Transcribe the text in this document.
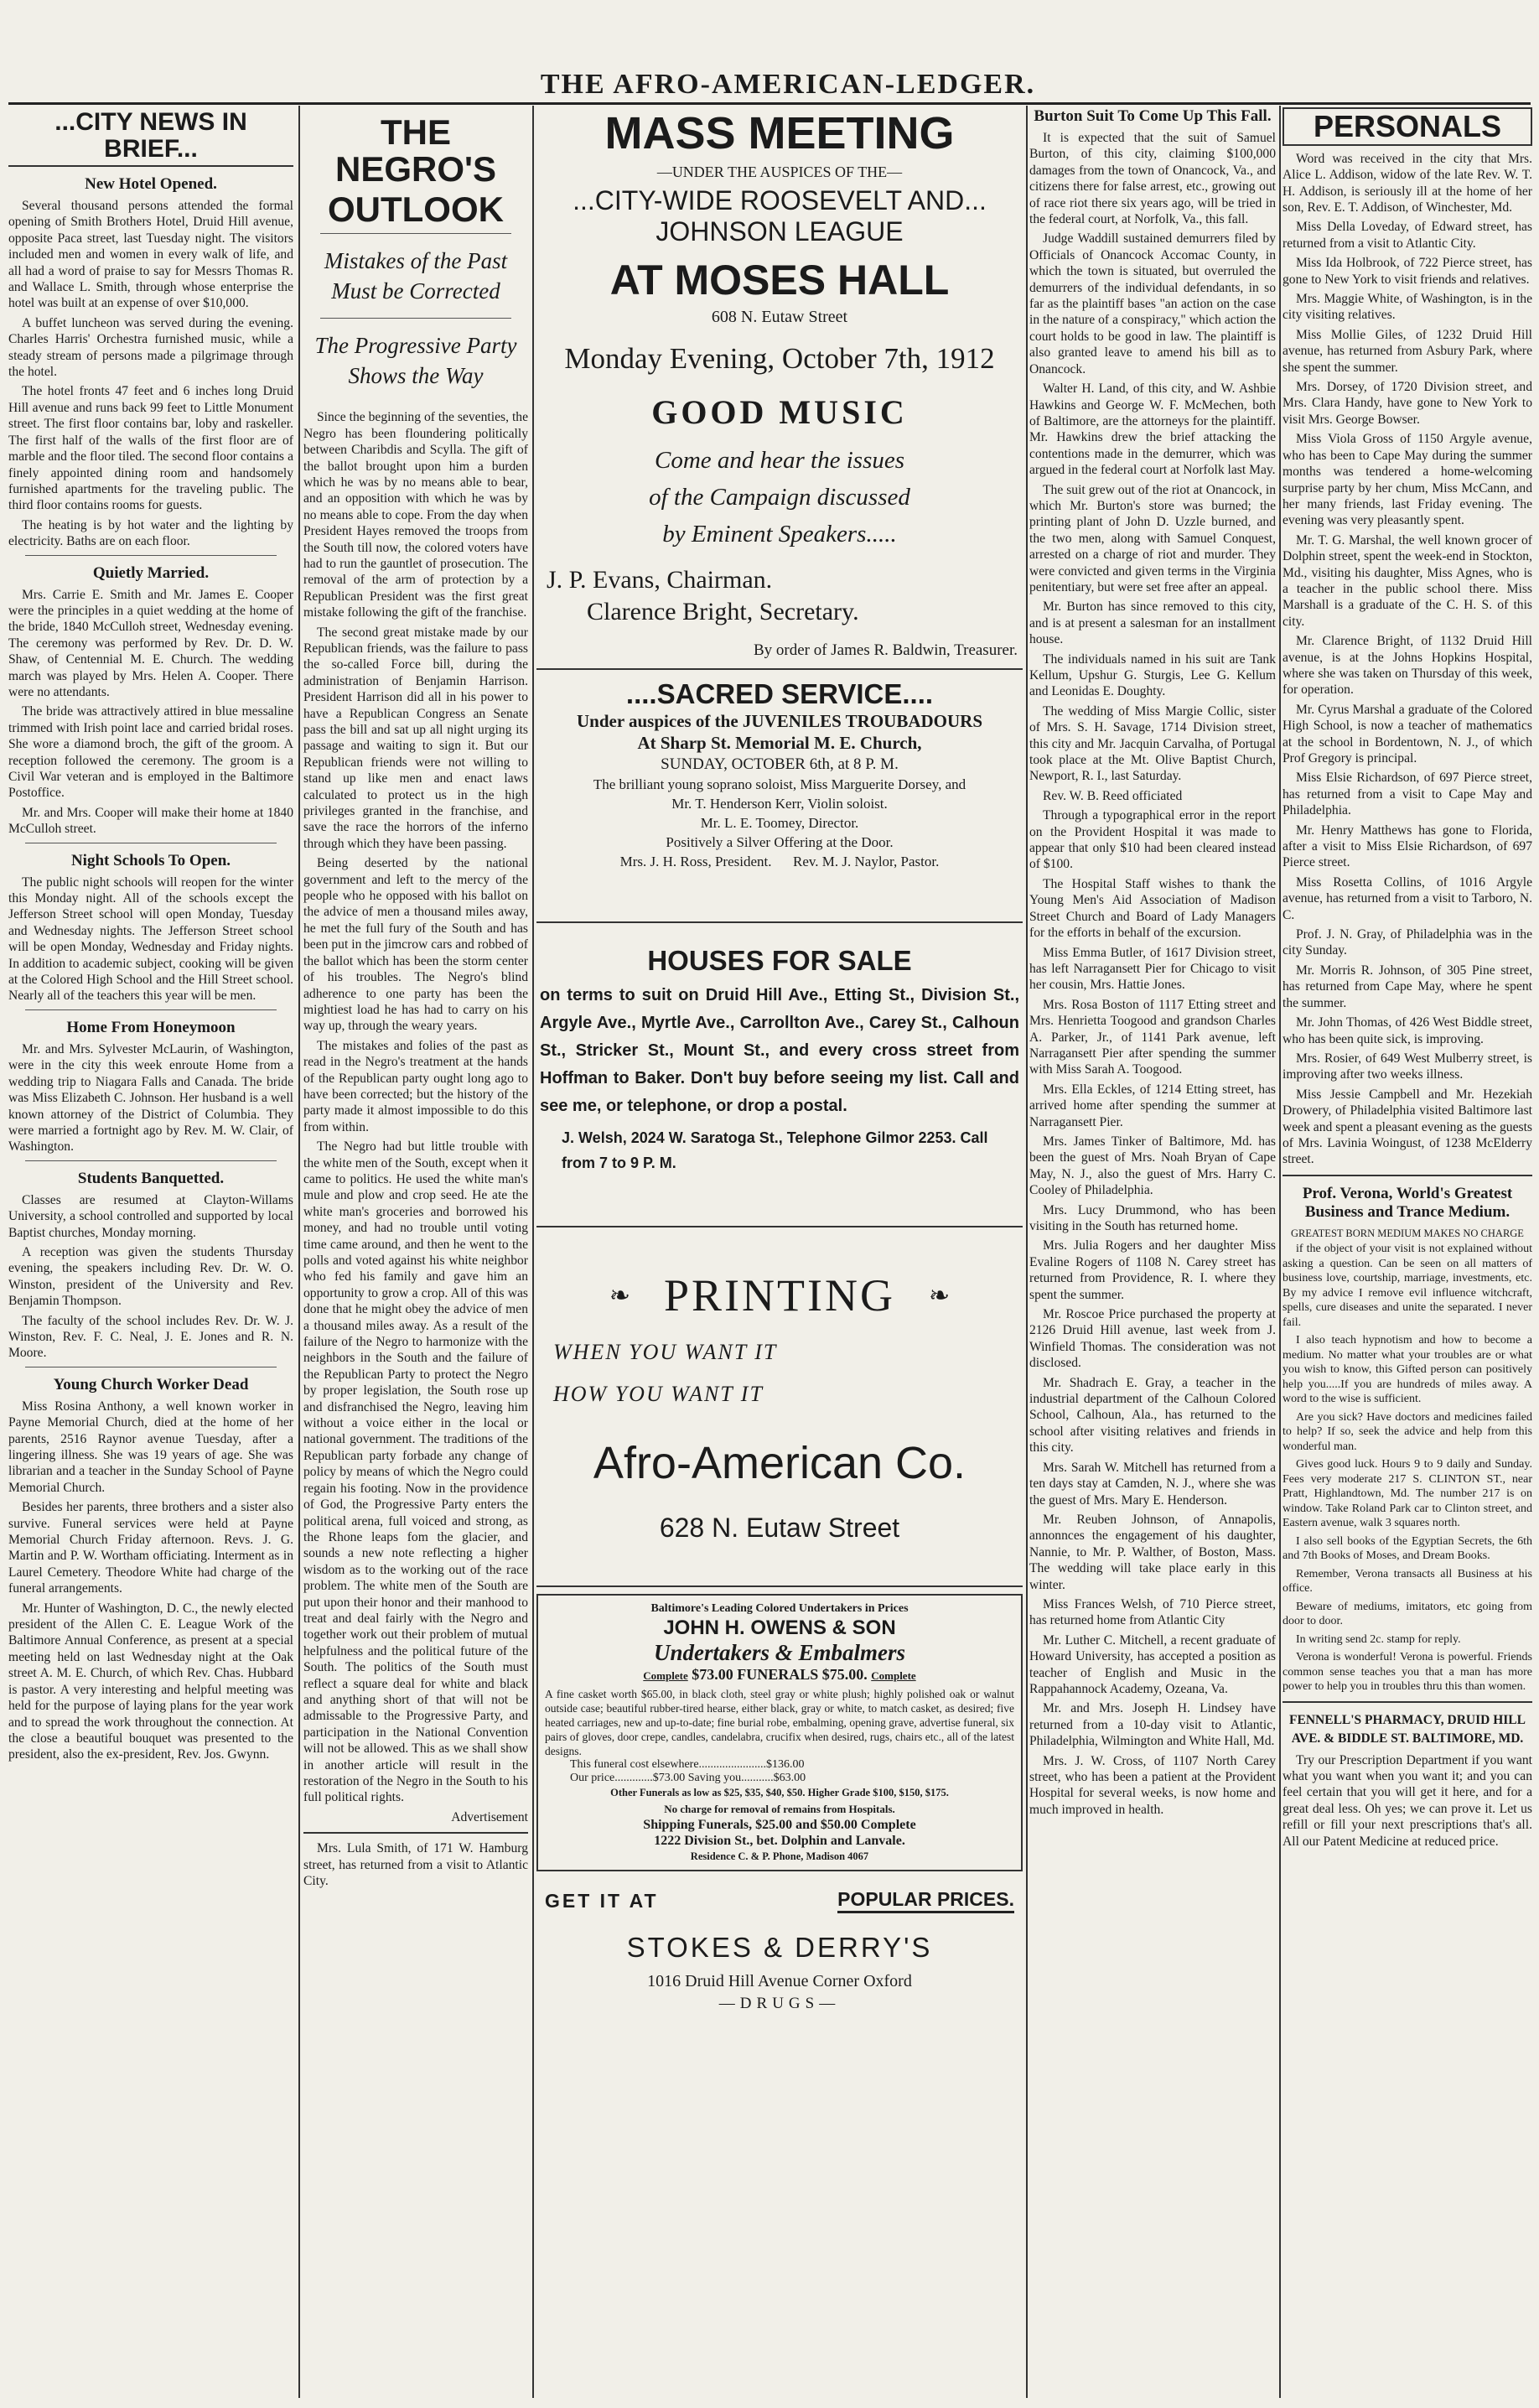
THE AFRO-AMERICAN-LEDGER.
...CITY NEWS IN BRIEF...
New Hotel Opened.

Several thousand persons attended the formal opening of Smith Brothers Hotel, Druid Hill avenue, opposite Paca street, last Tuesday night. The visitors included men and women in every walk of life, and all had a word of praise to say for Messrs Thomas R. and Wallace L. Smith, through whose enterprise the hotel was built at an expense of over $10,000.

A buffet luncheon was served during the evening. Charles Harris' Orchestra furnished music, while a steady stream of persons made a pilgrimage through the hotel.

The hotel fronts 47 feet and 6 inches long Druid Hill avenue and runs back 99 feet to Little Monument street. The first floor contains bar, loby and raskeller. The first half of the walls of the first floor are of marble and the floor tiled. The second floor contains a finely appointed dining room and handsomely furnished apartments for the traveling public. The third floor contains rooms for guests.

The heating is by hot water and the lighting by electricity. Baths are on each floor.

Quietly Married.

Mrs. Carrie E. Smith and Mr. James E. Cooper were the principles in a quiet wedding at the home of the bride, 1840 McCulloh street, Wednesday evening. The ceremony was performed by Rev. Dr. D. W. Shaw, of Centennial M. E. Church. The wedding march was played by Mrs. Helen A. Cooper. There were no attendants.

The bride was attractively attired in blue messaline trimmed with Irish point lace and carried bridal roses. She wore a diamond broch, the gift of the groom. A reception followed the ceremony. The groom is a Civil War veteran and is employed in the Baltimore Postoffice.

Mr. and Mrs. Cooper will make their home at 1840 McCulloh street.

Night Schools To Open.

The public night schools will reopen for the winter this Monday night. All of the schools except the Jefferson Street school will open Monday, Tuesday and Wednesday nights. The Jefferson Street school will be open Monday, Wednesday and Friday nights. In addition to academic subject, cooking will be given at the Colored High School and the Hill Street school. Nearly all of the teachers this year will be men.

Home From Honeymoon

Mr. and Mrs. Sylvester McLaurin, of Washington, were in the city this week enroute Home from a wedding trip to Niagara Falls and Canada. The bride was Miss Elizabeth C. Johnson. Her husband is a well known attorney of the District of Columbia. They were married a fortnight ago by Rev. M. W. Clair, of Washington.

Students Banquetted.

Classes are resumed at Clayton-Willams University, a school controlled and supported by local Baptist churches, Monday morning.

A reception was given the students Thursday evening, the speakers including Rev. Dr. W. O. Winston, president of the University and Rev. Benjamin Thompson.

The faculty of the school includes Rev. Dr. W. J. Winston, Rev. F. C. Neal, J. E. Jones and R. N. Moore.

Young Church Worker Dead

Miss Rosina Anthony, a well known worker in Payne Memorial Church, died at the home of her parents, 2516 Raynor avenue Tuesday, after a lingering illness. She was 19 years of age. She was librarian and a teacher in the Sunday School of Payne Memorial Church.

Besides her parents, three brothers and a sister also survive. Funeral services were held at Payne Memorial Church Friday afternoon. Revs. J. G. Martin and P. W. Wortham officiating. Interment as in Laurel Cemetery. Theodore White had charge of the funeral arrangements.

Mr. Hunter of Washington, D. C., the newly elected president of the Allen C. E. League Work of the Baltimore Annual Conference, as present at a special meeting held on last Wednesday night at the Oak street A. M. E. Church, of which Rev. Chas. Hubbard is pastor. A very interesting and helpful meeting was held for the purpose of laying plans for the year work and to spread the work throughout the connection. At the close a beautiful bouquet was presented to the president, also the ex-president, Rev. Jos. Gwynn.

THE NEGRO'S
OUTLOOK
Mistakes of the Past Must be Corrected
The Progressive Party Shows the Way

Since the beginning of the seventies, the Negro has been floundering politically between Charibdis and Scylla. The gift of the ballot brought upon him a burden which he was by no means able to bear, and an opposition with which he was by no means able to cope. From the day when President Hayes removed the troops from the South till now, the colored voters have had to run the gauntlet of prosecution. The removal of the arm of protection by a Republican President was the first great mistake following the gift of the franchise.

The second great mistake made by our Republican friends, was the failure to pass the so-called Force bill, during the administration of Benjamin Harrison. President Harrison did all in his power to have a Republican Congress an Senate pass the bill and sat up all night urging its passage and waiting to sign it. But our Republican friends were not willing to stand up like men and enact laws calculated to protect us in the high privileges granted in the franchise, and save the race the horrors of the inferno through which they have been passing.

Being deserted by the national government and left to the mercy of the people who he opposed with his ballot on the advice of men a thousand miles away, he met the full fury of the South and has been put in the jimcrow cars and robbed of the ballot which has been the storm center of his troubles. The Negro's blind adherence to one party has been the mightiest load he has had to carry on his way up, through the weary years.

The mistakes and folies of the past as read in the Negro's treatment at the hands of the Republican party ought long ago to have been corrected; but the history of the party made it almost impossible to do this from within.

The Negro had but little trouble with the white men of the South, except when it came to politics. He used the white man's mule and plow and crop seed. He ate the white man's groceries and borrowed his money, and had no trouble until voting time came around, and then he went to the polls and voted against his white neighbor who fed his family and gave him an opportunity to grow a crop. All of this was done that he might obey the advice of men a thousand miles away. As a result of the failure of the Negro to harmonize with the neighbors in the South and the failure of the Republican Party to protect the Negro by proper legislation, the South rose up and disfranchised the Negro, leaving him without a voice either in the local or national government. The traditions of the Republican party forbade any change of policy by means of which the Negro could regain his footing. Now in the providence of God, the Progressive Party enters the political arena, full voiced and strong, as the Rhone leaps fom the glacier, and sounds a new note reflecting a higher wisdom as to the working out of the race problem. The white men of the South are put upon their honor and their manhood to treat and deal fairly with the Negro and together work out their problem of mutual helpfulness and the political future of the South. The politics of the South must reflect a square deal for white and black and anything short of that will not be admissable to the Progressive Party, and participation in the National Convention will not be allowed. This as we shall show in another article will result in the restoration of the Negro in the South to his full political rights.

Advertisement

Mrs. Lula Smith, of 171 W. Hamburg street, has returned from a visit to Atlantic City.

MASS MEETING
—UNDER THE AUSPICES OF THE—
...CITY-WIDE ROOSEVELT AND...
JOHNSON LEAGUE
AT MOSES HALL
608 N. Eutaw Street
Monday Evening, October 7th, 1912
GOOD MUSIC
Come and hear the issues
of the Campaign discussed
by Eminent Speakers.....
J. P. Evans, Chairman.
Clarence Bright, Secretary.
By order of James R. Baldwin, Treasurer.
....SACRED SERVICE....
Under auspices of the JUVENILES TROUBADOURS
At Sharp St. Memorial M. E. Church,
SUNDAY, OCTOBER 6th, at 8 P. M.
The brilliant young soprano soloist, Miss Marguerite Dorsey, and
Mr. T. Henderson Kerr, Violin soloist.
Mr. L. E. Toomey, Director.
Positively a Silver Offering at the Door.
Mrs. J. H. Ross, President.      Rev. M. J. Naylor, Pastor.
HOUSES FOR SALE
on terms to suit on Druid Hill Ave., Etting St., Division St., Argyle Ave., Myrtle Ave., Carrollton Ave., Carey St., Calhoun St., Stricker St., Mount St., and every cross street from Hoffman to Baker. Don't buy before seeing my list. Call and see me, or telephone, or drop a postal.
J. Welsh, 2024 W. Saratoga St., Telephone Gilmor 2253. Call from 7 to 9 P. M.
❧ PRINTING ❧
WHEN YOU WANT IT
HOW YOU WANT IT
Afro-American Co.
628 N. Eutaw Street
Baltimore's Leading Colored Undertakers in Prices
JOHN H. OWENS & SON
Undertakers & Embalmers
Complete $73.00 FUNERALS $75.00. Complete
A fine casket worth $65.00, in black cloth, steel gray or white plush; highly polished oak or walnut outside case; beautiful rubber-tired hearse, either black, gray or white, to match casket, as desired; five heated carriages, new and up-to-date; fine burial robe, embalming, opening grave, advertise funeral, six pairs of gloves, door crepe, candles, candelabra, crucifix when desired, rugs, chairs etc., all of the latest designs.
This funeral cost elsewhere.......................$136.00
Our price.............$73.00 Saving you...........$63.00
Other Funerals as low as $25, $35, $40, $50. Higher Grade $100, $150, $175.
No charge for removal of remains from Hospitals.
Shipping Funerals, $25.00 and $50.00 Complete
1222 Division St., bet. Dolphin and Lanvale.
Residence C. & P. Phone, Madison 4067
GET IT AT	POPULAR PRICES.
STOKES & DERRY'S
1016 Druid Hill Avenue Corner Oxford
—DRUGS—
Burton Suit To Come Up This Fall.

It is expected that the suit of Samuel Burton, of this city, claiming $100,000 damages from the town of Onancock, Va., and citizens there for false arrest, etc., growing out of race riot there six years ago, will be tried in the federal court, at Norfolk, Va., this fall.

Judge Waddill sustained demurrers filed by Officials of Onancock Accomac County, in which the town is situated, but overruled the demurrers of the individual defendants, in so far as the plaintiff bases "an action on the case in the nature of a conspiracy," which action the court holds to be good in law. The plaintiff is also granted leave to amend his bill as to Onancock.

Walter H. Land, of this city, and W. Ashbie Hawkins and George W. F. McMechen, both of Baltimore, are the attorneys for the plaintiff. Mr. Hawkins drew the brief attacking the contentions made in the demurrer, which was argued in the federal court at Norfolk last May.

The suit grew out of the riot at Onancock, in which Mr. Burton's store was burned; the printing plant of John D. Uzzle burned, and the two men, along with Samuel Conquest, arrested on a charge of riot and murder. They were convicted and given terms in the Virginia penitentiary, but were set free after an appeal.

Mr. Burton has since removed to this city, and is at present a salesman for an installment house.

The individuals named in his suit are Tank Kellum, Upshur G. Sturgis, Lee G. Kellum and Leonidas E. Doughty.

The wedding of Miss Margie Collic, sister of Mrs. S. H. Savage, 1714 Division street, this city and Mr. Jacquin Carvalha, of Portugal took place at the Mt. Olive Baptist Church, Newport, R. I., last Saturday.

Rev. W. B. Reed officiated

Through a typographical error in the report on the Provident Hospital it was made to appear that only $10 had been cleared instead of $100.

The Hospital Staff wishes to thank the Young Men's Aid Association of Madison Street Church and Board of Lady Managers for the efforts in behalf of the excursion.

Miss Emma Butler, of 1617 Division street, has left Narragansett Pier for Chicago to visit her cousin, Mrs. Hattie Jones.

Mrs. Rosa Boston of 1117 Etting street and Mrs. Henrietta Toogood and grandson Charles A. Parker, Jr., of 1141 Park avenue, left Narragansett Pier after spending the summer with Miss Sarah A. Toogood.

Mrs. Ella Eckles, of 1214 Etting street, has arrived home after spending the summer at Narragansett Pier.

Mrs. James Tinker of Baltimore, Md. has been the guest of Mrs. Noah Bryan of Cape May, N. J., also the guest of Mrs. Harry C. Cooley of Philadelphia.

Mrs. Lucy Drummond, who has been visiting in the South has returned home.

Mrs. Julia Rogers and her daughter Miss Evaline Rogers of 1108 N. Carey street has returned from Providence, R. I. where they spent the summer.

Mr. Roscoe Price purchased the property at 2126 Druid Hill avenue, last week from J. Winfield Thomas. The consideration was not disclosed.

Mr. Shadrach E. Gray, a teacher in the industrial department of the Calhoun Colored School, Calhoun, Ala., has returned to the school after visiting relatives and friends in this city.

Mrs. Sarah W. Mitchell has returned from a ten days stay at Camden, N. J., where she was the guest of Mrs. Mary E. Henderson.

Mr. Reuben Johnson, of Annapolis, annonnces the engagement of his daughter, Nannie, to Mr. P. Walther, of Boston, Mass. The wedding will take place early in this winter.

Miss Frances Welsh, of 710 Pierce street, has returned home from Atlantic City

Mr. Luther C. Mitchell, a recent graduate of Howard University, has accepted a position as teacher of English and Music in the Rappahannock Academy, Ozeana, Va.

Mr. and Mrs. Joseph H. Lindsey have returned from a 10-day visit to Atlantic, Philadelphia, Wilmington and White Hall, Md.

Mrs. J. W. Cross, of 1107 North Carey street, who has been a patient at the Provident Hospital for several weeks, is now home and much improved in health.

PERSONALS

Word was received in the city that Mrs. Alice L. Addison, widow of the late Rev. W. T. H. Addison, is seriously ill at the home of her son, Rev. E. T. Addison, of Winchester, Md.

Miss Della Loveday, of Edward street, has returned from a visit to Atlantic City.

Miss Ida Holbrook, of 722 Pierce street, has gone to New York to visit friends and relatives.

Mrs. Maggie White, of Washington, is in the city visiting relatives.

Miss Mollie Giles, of 1232 Druid Hill avenue, has returned from Asbury Park, where she spent the summer.

Mrs. Dorsey, of 1720 Division street, and Mrs. Clara Handy, have gone to New York to visit Mrs. George Bowser.

Miss Viola Gross of 1150 Argyle avenue, who has been to Cape May during the summer months was tendered a home-welcoming surprise party by her chum, Miss McCann, and her many friends, last Friday evening. The evening was very pleasantly spent.

Mr. T. G. Marshal, the well known grocer of Dolphin street, spent the week-end in Stockton, Md., visiting his daughter, Miss Agnes, who is a teacher in the public school there. Miss Marshall is a graduate of the C. H. S. of this city.

Mr. Clarence Bright, of 1132 Druid Hill avenue, is at the Johns Hopkins Hospital, where she was taken on Thursday of this week, for operation.

Mr. Cyrus Marshal a graduate of the Colored High School, is now a teacher of mathematics at the school in Bordentown, N. J., of which Prof Gregory is principal.

Miss Elsie Richardson, of 697 Pierce street, has returned from a visit to Cape May and Philadelphia.

Mr. Henry Matthews has gone to Florida, after a visit to Miss Elsie Richardson, of 697 Pierce street.

Miss Rosetta Collins, of 1016 Argyle avenue, has returned from a visit to Tarboro, N. C.

Prof. J. N. Gray, of Philadelphia was in the city Sunday.

Mr. Morris R. Johnson, of 305 Pine street, has returned from Cape May, where he spent the summer.

Mr. John Thomas, of 426 West Biddle street, who has been quite sick, is improving.

Mrs. Rosier, of 649 West Mulberry street, is improving after two weeks illness.

Miss Jessie Campbell and Mr. Hezekiah Drowery, of Philadelphia visited Baltimore last week and spent a pleasant evening as the guests of Mrs. Lavinia Woingust, of 1238 McElderry street.

Prof. Verona, World's Greatest Business and Trance Medium.
GREATEST BORN MEDIUM MAKES NO CHARGE

if the object of your visit is not explained without asking a question. Can be seen on all matters of business love, courtship, marriage, investments, etc. By my advice I remove evil influence witchcraft, spells, cure diseases and unite the separated. I never fail.

I also teach hypnotism and how to become a medium. No matter what your troubles are or what you wish to know, this Gifted person can positively help you.....If you are hundreds of miles away. A word to the wise is sufficient.

Are you sick? Have doctors and medicines failed to help? If so, seek the advice and help from this wonderful man.

Gives good luck. Hours 9 to 9 daily and Sunday. Fees very moderate 217 S. CLINTON ST., near Pratt, Highlandtown, Md. The number 217 is on window. Take Roland Park car to Clinton street, and Eastern avenue, walk 3 squares north.

I also sell books of the Egyptian Secrets, the 6th and 7th Books of Moses, and Dream Books.

Remember, Verona transacts all Business at his office.

Beware of mediums, imitators, etc going from door to door.

In writing send 2c. stamp for reply.

Verona is wonderful! Verona is powerful. Friends common sense teaches you that a man has more power to help you in troubles thru this than women.

FENNELL'S PHARMACY, DRUID HILL AVE. & BIDDLE ST. BALTIMORE, MD.

Try our Prescription Department if you want what you want when you want it; and you can feel certain that you will get it here, and for a great deal less. Oh yes; we can prove it. Let us refill or fill your next prescriptions that's all. All our Patent Medicine at reduced price.
